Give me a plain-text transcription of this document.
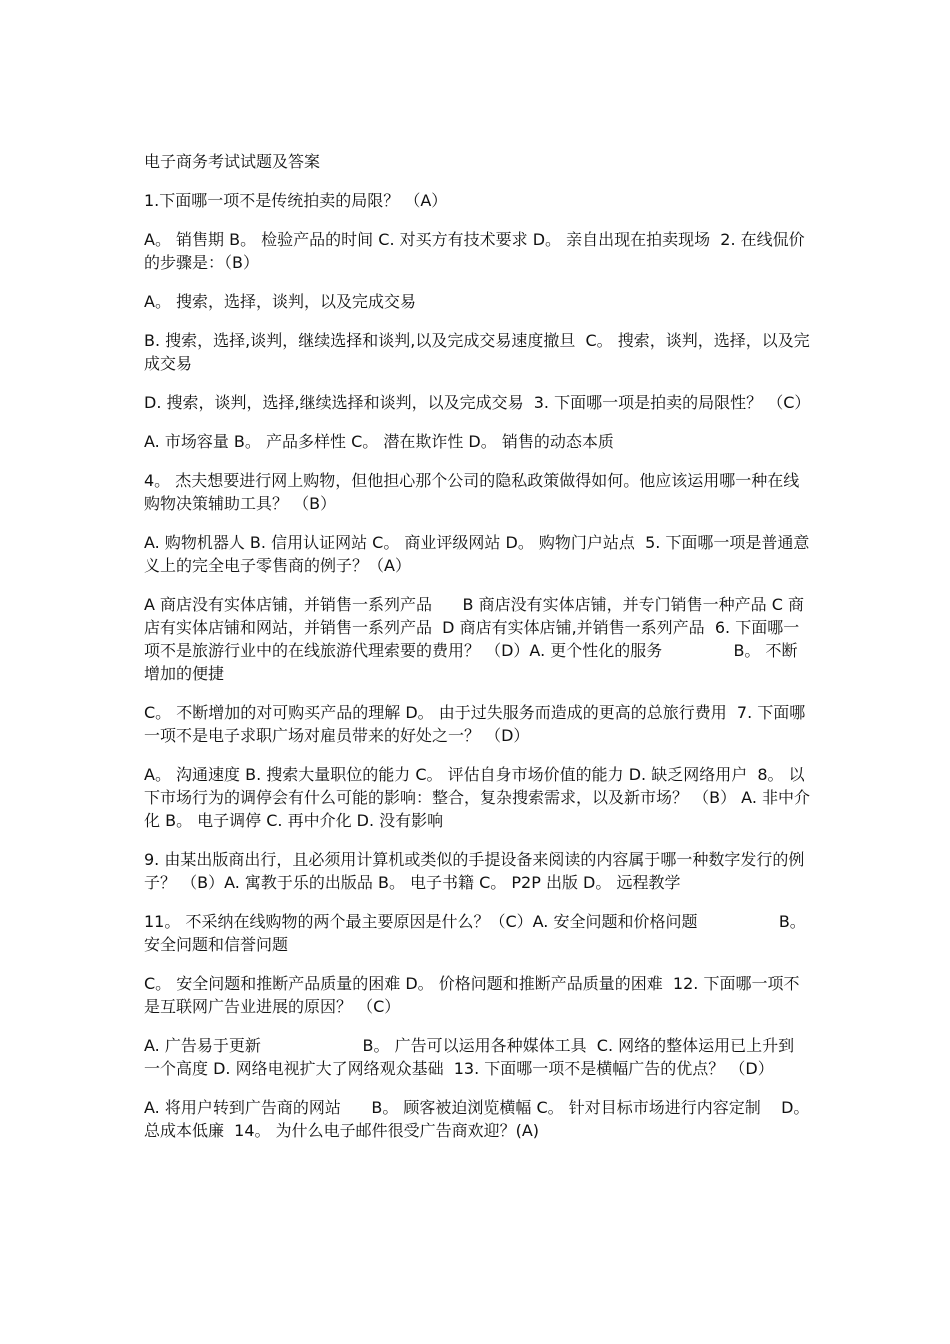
电子商务考试试题及答案
1.下面哪一项不是传统拍卖的局限？ （A）
A。 销售期 B。 检验产品的时间 C. 对买方有技术要求 D。 亲自出现在拍卖现场  2. 在线侃价的步骤是：（B）
A。 搜索，选择，谈判，以及完成交易
B. 搜索，选择,谈判，继续选择和谈判,以及完成交易速度撤旦  C。 搜索，谈判，选择，以及完成交易
D. 搜索，谈判，选择,继续选择和谈判，以及完成交易  3. 下面哪一项是拍卖的局限性？ （C）
A. 市场容量 B。 产品多样性 C。 潜在欺诈性 D。 销售的动态本质
4。 杰夫想要进行网上购物，但他担心那个公司的隐私政策做得如何。他应该运用哪一种在线购物决策辅助工具？ （B）
A. 购物机器人 B. 信用认证网站 C。 商业评级网站 D。 购物门户站点  5. 下面哪一项是普通意义上的完全电子零售商的例子？（A）
A 商店没有实体店铺，并销售一系列产品      B 商店没有实体店铺，并专门销售一种产品 C 商店有实体店铺和网站，并销售一系列产品  D 商店有实体店铺,并销售一系列产品  6. 下面哪一项不是旅游行业中的在线旅游代理索要的费用？ （D）A. 更个性化的服务              B。 不断增加的便捷
C。 不断增加的对可购买产品的理解 D。 由于过失服务而造成的更高的总旅行费用  7. 下面哪一项不是电子求职广场对雇员带来的好处之一？ （D）
A。 沟通速度 B. 搜索大量职位的能力 C。 评估自身市场价值的能力 D. 缺乏网络用户  8。 以下市场行为的调停会有什么可能的影响：整合，复杂搜索需求，以及新市场？ （B） A. 非中介化 B。 电子调停 C. 再中介化 D. 没有影响
9. 由某出版商出行，且必须用计算机或类似的手提设备来阅读的内容属于哪一种数字发行的例子？ （B）A. 寓教于乐的出版品 B。 电子书籍 C。 P2P 出版 D。 远程教学
11。 不采纳在线购物的两个最主要原因是什么？（C）A. 安全问题和价格问题                B。 安全问题和信誉问题
C。 安全问题和推断产品质量的困难 D。 价格问题和推断产品质量的困难  12. 下面哪一项不是互联网广告业进展的原因？ （C）
A. 广告易于更新                    B。 广告可以运用各种媒体工具  C. 网络的整体运用已上升到一个高度 D. 网络电视扩大了网络观众基础  13. 下面哪一项不是横幅广告的优点？ （D）
A. 将用户转到广告商的网站      B。 顾客被迫浏览横幅 C。 针对目标市场进行内容定制    D。 总成本低廉  14。 为什么电子邮件很受广告商欢迎？(A)
